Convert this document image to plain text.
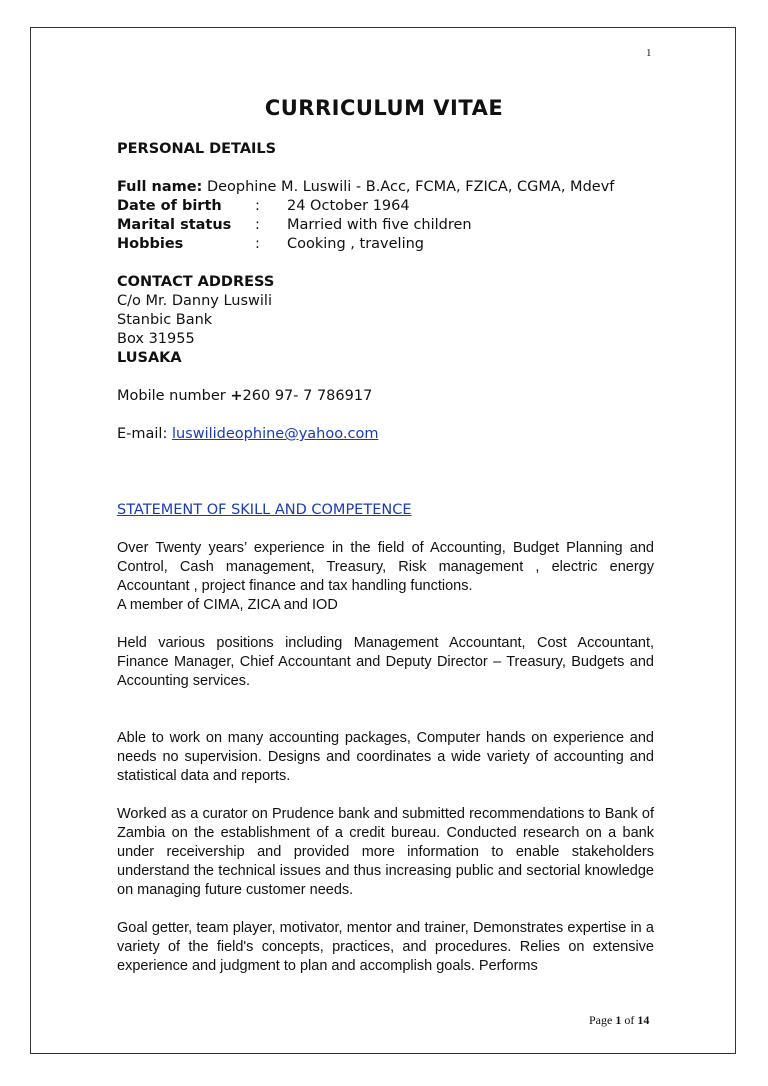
1
CURRICULUM VITAE

PERSONAL DETAILS

Full name: Deophine M. Luswili - B.Acc, FCMA, FZICA, CGMA, Mdevf
Date of birth	:	24 October 1964
Marital status	:	Married with five children
Hobbies	:	Cooking , traveling

CONTACT ADDRESS

C/o Mr. Danny Luswili

Stanbic Bank

Box 31955

LUSAKA

Mobile number +260 97- 7 786917

E-mail: luswilideophine@yahoo.com

STATEMENT OF SKILL AND COMPETENCE

Over Twenty years’ experience in the field of Accounting, Budget Planning and Control, Cash management, Treasury, Risk management , electric energy Accountant , project finance and tax handling functions.

A member of CIMA, ZICA and IOD

Held various positions including Management Accountant, Cost Accountant, Finance Manager, Chief Accountant and Deputy Director – Treasury, Budgets and Accounting services.

Able to work on many accounting packages, Computer hands on experience and needs no supervision. Designs and coordinates a wide variety of accounting and statistical data and reports.

Worked as a curator on Prudence bank and submitted recommendations to Bank of Zambia on the establishment of a credit bureau. Conducted research on a bank under receivership and provided more information to enable stakeholders understand the technical issues and thus increasing public and sectorial knowledge on managing future customer needs.

Goal getter, team player, motivator, mentor and trainer, Demonstrates expertise in a variety of the field's concepts, practices, and procedures. Relies on extensive experience and judgment to plan and accomplish goals. Performs

Page 1 of 14
